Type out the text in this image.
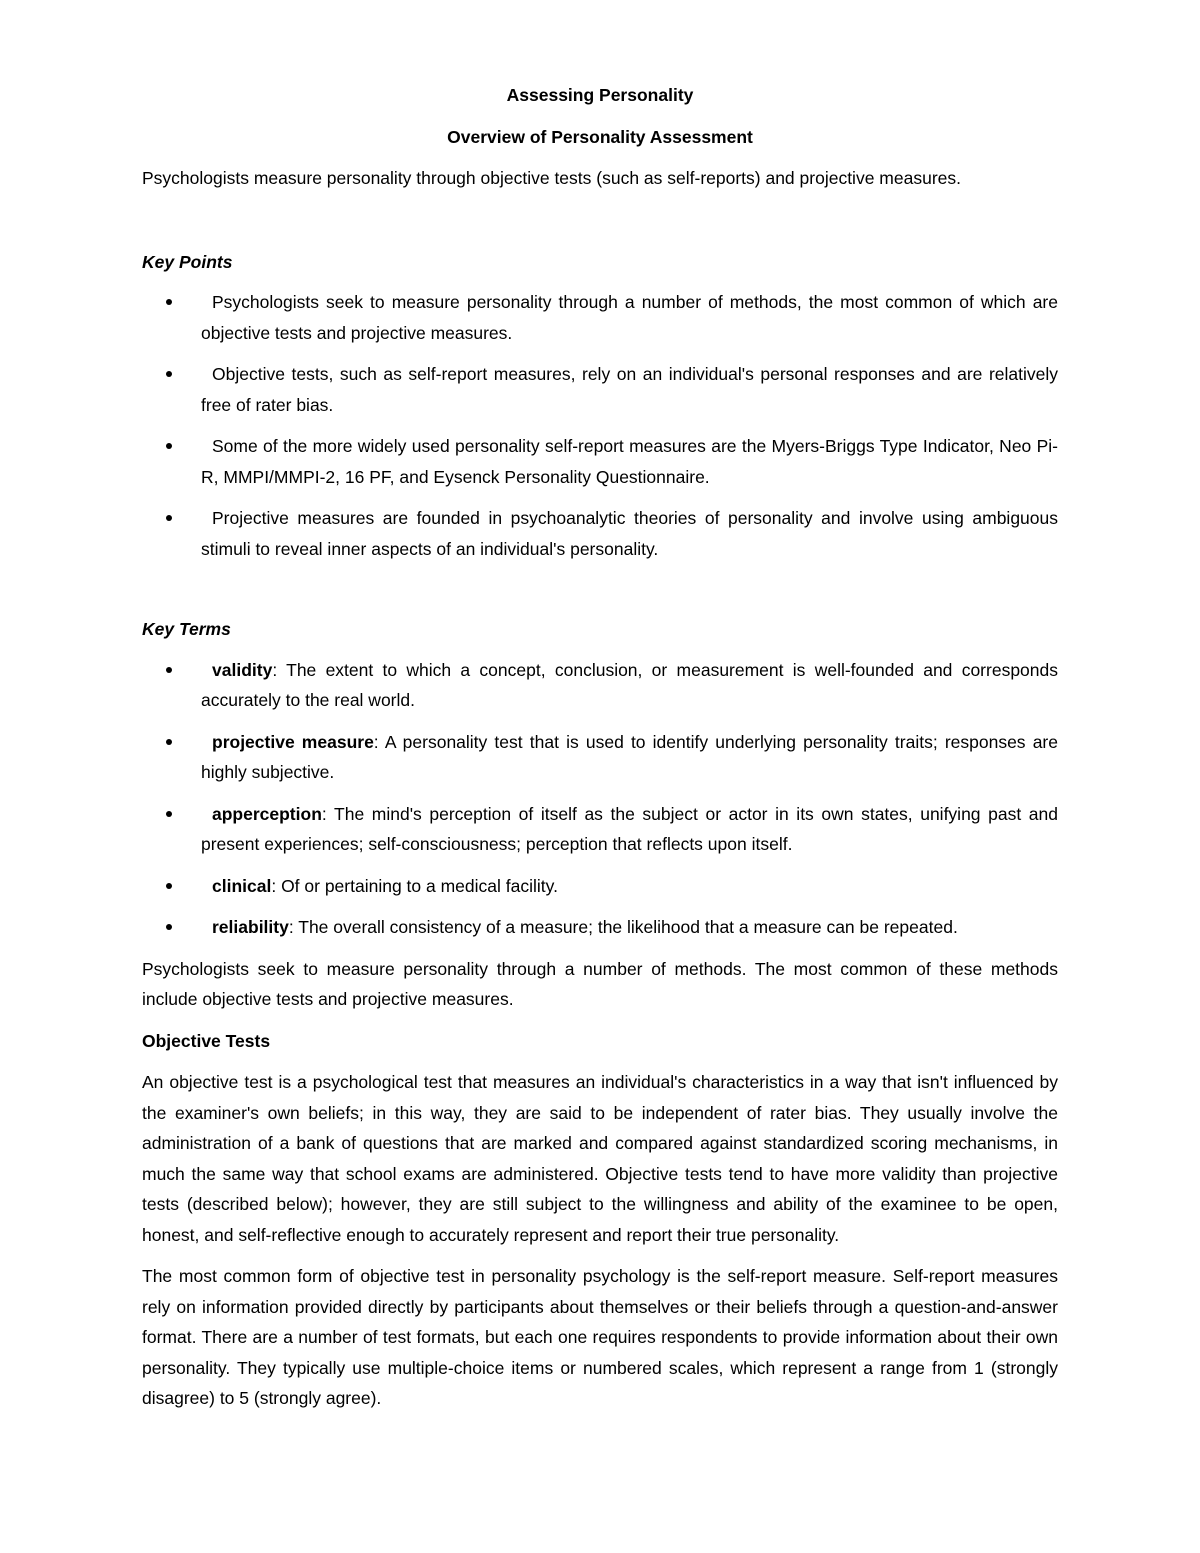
Assessing Personality

Overview of Personality Assessment

Psychologists measure personality through objective tests (such as self-reports) and projective measures.

Key Points

Psychologists seek to measure personality through a number of methods, the most common of which are objective tests and projective measures.
Objective tests, such as self-report measures, rely on an individual's personal responses and are relatively free of rater bias.
Some of the more widely used personality self-report measures are the Myers-Briggs Type Indicator, Neo Pi-R, MMPI/MMPI-2, 16 PF, and Eysenck Personality Questionnaire.
Projective measures are founded in psychoanalytic theories of personality and involve using ambiguous stimuli to reveal inner aspects of an individual's personality.

Key Terms

validity: The extent to which a concept, conclusion, or measurement is well-founded and corresponds accurately to the real world.
projective measure: A personality test that is used to identify underlying personality traits; responses are highly subjective.
apperception: The mind's perception of itself as the subject or actor in its own states, unifying past and present experiences; self-consciousness; perception that reflects upon itself.
clinical: Of or pertaining to a medical facility.
reliability: The overall consistency of a measure; the likelihood that a measure can be repeated.

Psychologists seek to measure personality through a number of methods. The most common of these methods include objective tests and projective measures.

Objective Tests

An objective test is a psychological test that measures an individual's characteristics in a way that isn't influenced by the examiner's own beliefs; in this way, they are said to be independent of rater bias. They usually involve the administration of a bank of questions that are marked and compared against standardized scoring mechanisms, in much the same way that school exams are administered. Objective tests tend to have more validity than projective tests (described below); however, they are still subject to the willingness and ability of the examinee to be open, honest, and self-reflective enough to accurately represent and report their true personality.

The most common form of objective test in personality psychology is the self-report measure. Self-report measures rely on information provided directly by participants about themselves or their beliefs through a question-and-answer format. There are a number of test formats, but each one requires respondents to provide information about their own personality. They typically use multiple-choice items or numbered scales, which represent a range from 1 (strongly disagree) to 5 (strongly agree).
